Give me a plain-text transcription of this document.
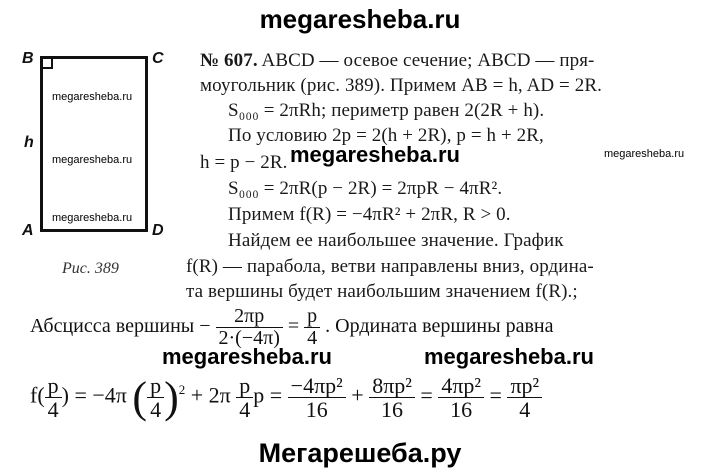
megaresheba.ru
B	C
A	D
h
megaresheba.ru
megaresheba.ru
megaresheba.ru
Рис. 389
№ 607. ABCD — осевое сечение; ABCD — пря-
моугольник (рис. 389). Примем AB = h, AD = 2R.
S₀₀₀ = 2πRh; периметр равен 2(2R + h).
По условию 2p = 2(h + 2R), p = h + 2R,
h = p − 2R. megaresheba.ru	megaresheba.ru
S₀₀₀ = 2πR(p − 2R) = 2πpR − 4πR².
Примем f(R) = −4πR² + 2πR, R > 0.
Найдем ее наибольшее значение. График
f(R) — парабола, ветви направлены вниз, ордина-
та вершины будет наибольшим значением f(R).;
Абсцисса вершины − $\frac{2\pi p}{2\cdot(-4\pi)} = \frac{p}{4}$ . Ордината вершины равна
megaresheba.ru	megaresheba.ru
$f( \frac{p}{4}$ ) = −4π ( $\frac{p}{4} )^2 + 2\pi \frac{p}{4}$ $p = \frac{\text{−4πp²}}{16} + \frac{\text{8πp²}}{16} = \frac{\text{4πp²}}{16} = \frac{\text{πp²}}{4}$
Мегарешеба.ру
